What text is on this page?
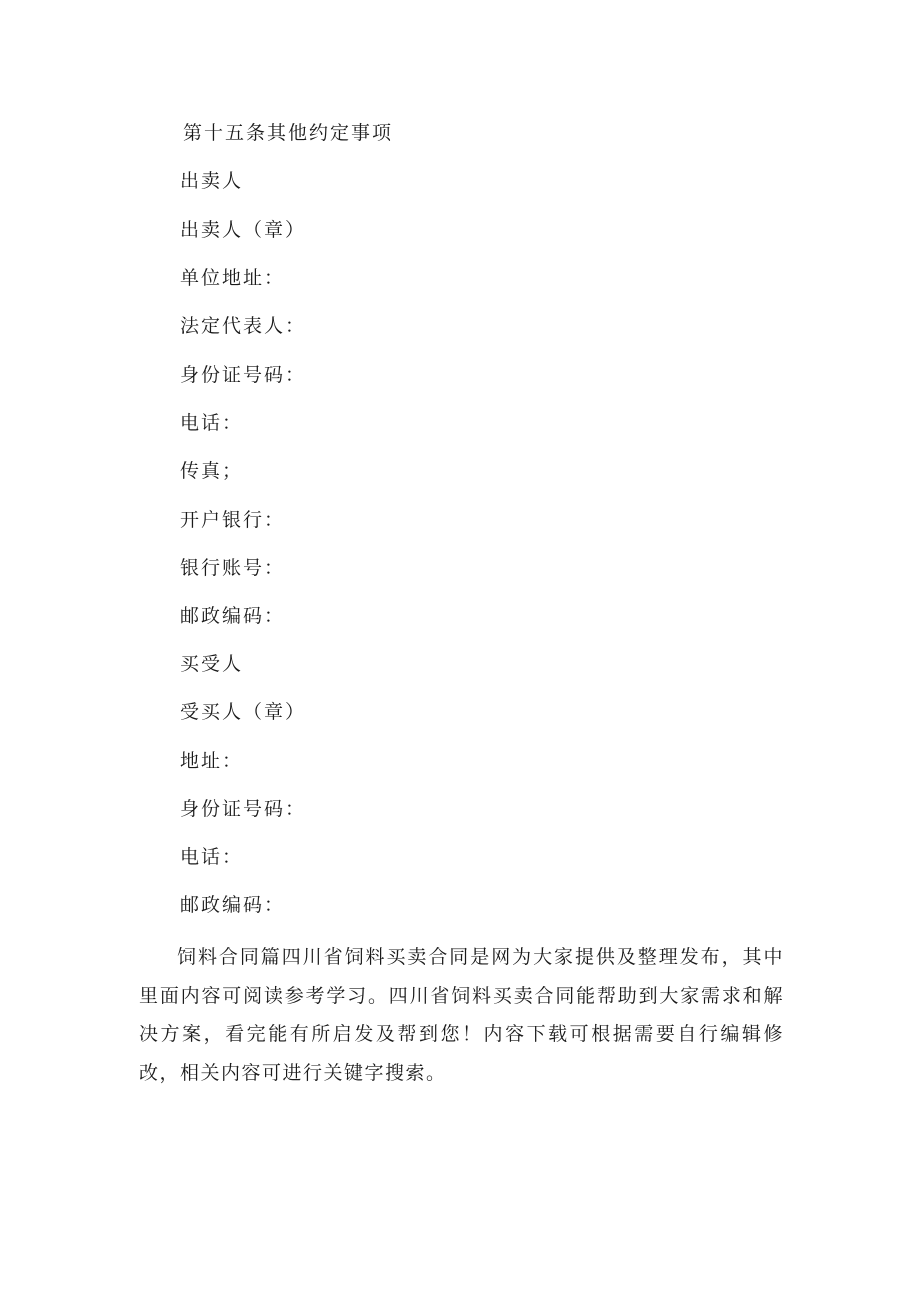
第十五条其他约定事项
出卖人
出卖人（章）
单位地址：
法定代表人：
身份证号码：
电话：
传真；
开户银行：
银行账号：
邮政编码：
买受人
受买人（章）
地址：
身份证号码：
电话：
邮政编码：
饲料合同篇四川省饲料买卖合同是网为大家提供及整理发布，其中里面内容可阅读参考学习。四川省饲料买卖合同能帮助到大家需求和解决方案，看完能有所启发及帮到您！内容下载可根据需要自行编辑修改，相关内容可进行关键字搜索。
